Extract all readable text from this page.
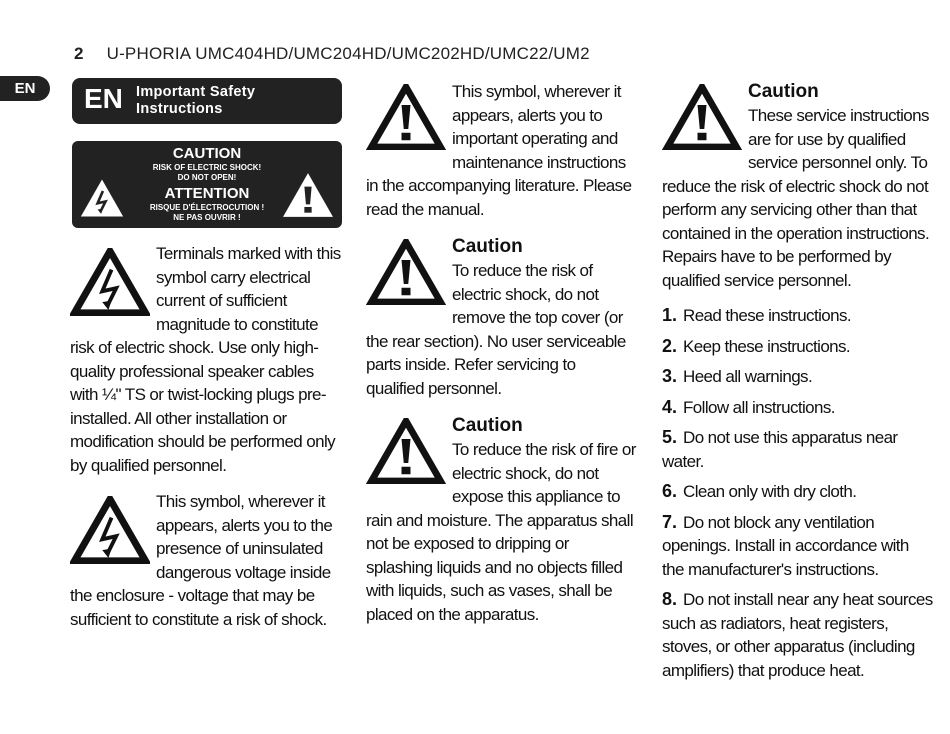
2 U-PHORIA UMC404HD/UMC204HD/UMC202HD/UMC22/UM2
EN	EN Important Safety
Instructions
CAUTION
RISK OF ELECTRIC SHOCK!
DO NOT OPEN!
ATTENTION
RISQUE D'ÉLECTROCUTION !
NE PAS OUVRIR !
Terminals marked with this symbol carry electrical current of sufficient magnitude to constitute risk of electric shock. Use only high-quality professional speaker cables with ¼" TS or twist-locking plugs pre-installed. All other installation or modification should be performed only by qualified personnel.
This symbol, wherever it appears, alerts you to the presence of uninsulated dangerous voltage inside the enclosure - voltage that may be sufficient to constitute a risk of shock.
This symbol, wherever it appears, alerts you to important operating and maintenance instructions in the accompanying literature. Please read the manual.
Caution
To reduce the risk of electric shock, do not remove the top cover (or the rear section). No user serviceable parts inside. Refer servicing to qualified personnel.
Caution
To reduce the risk of fire or electric shock, do not expose this appliance to rain and moisture. The apparatus shall not be exposed to dripping or splashing liquids and no objects filled with liquids, such as vases, shall be placed on the apparatus.
Caution
These service instructions are for use by qualified service personnel only. To reduce the risk of electric shock do not perform any servicing other than that contained in the operation instructions. Repairs have to be performed by qualified service personnel.
1. Read these instructions.
2. Keep these instructions.
3. Heed all warnings.
4. Follow all instructions.
5. Do not use this apparatus near water.
6. Clean only with dry cloth.
7. Do not block any ventilation openings. Install in accordance with the manufacturer's instructions.
8. Do not install near any heat sources such as radiators, heat registers, stoves, or other apparatus (including amplifiers) that produce heat.
